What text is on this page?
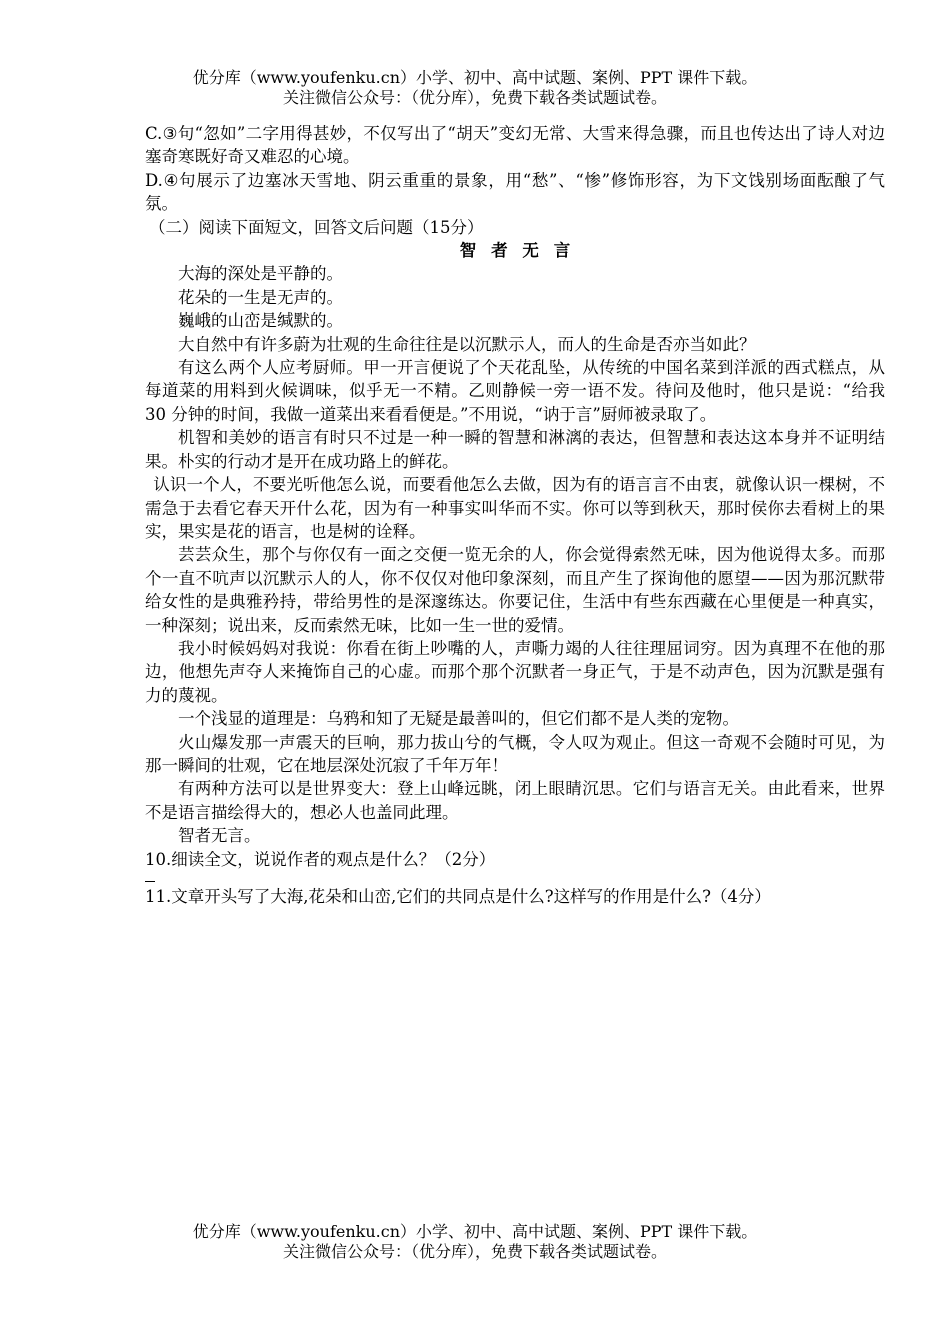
优分库（www.youfenku.cn）小学、初中、高中试题、案例、PPT 课件下载。
关注微信公众号：（优分库），免费下载各类试题试卷。

C.③句“忽如”二字用得甚妙，不仅写出了“胡天”变幻无常、大雪来得急骤，而且也传达出了诗人对边塞奇寒既好奇又难忍的心境。

D.④句展示了边塞冰天雪地、阴云重重的景象，用“愁”、“惨”修饰形容，为下文饯别场面酝酿了气氛。

（二）阅读下面短文，回答文后问题（15分）

智者无言

大海的深处是平静的。

花朵的一生是无声的。

巍峨的山峦是缄默的。

大自然中有许多蔚为壮观的生命往往是以沉默示人，而人的生命是否亦当如此？

有这么两个人应考厨师。甲一开言便说了个天花乱坠，从传统的中国名菜到洋派的西式糕点，从每道菜的用料到火候调味，似乎无一不精。乙则静候一旁一语不发。待问及他时，他只是说：“给我 30 分钟的时间，我做一道菜出来看看便是。”不用说，“讷于言”厨师被录取了。

机智和美妙的语言有时只不过是一种一瞬的智慧和淋漓的表达，但智慧和表达这本身并不证明结果。朴实的行动才是开在成功路上的鲜花。

认识一个人，不要光听他怎么说，而要看他怎么去做，因为有的语言言不由衷，就像认识一棵树，不需急于去看它春天开什么花，因为有一种事实叫华而不实。你可以等到秋天，那时侯你去看树上的果实，果实是花的语言，也是树的诠释。

芸芸众生，那个与你仅有一面之交便一览无余的人，你会觉得索然无味，因为他说得太多。而那个一直不吭声以沉默示人的人，你不仅仅对他印象深刻，而且产生了探询他的愿望——因为那沉默带给女性的是典雅矜持，带给男性的是深邃练达。你要记住，生活中有些东西藏在心里便是一种真实，一种深刻；说出来，反而索然无味，比如一生一世的爱情。

我小时候妈妈对我说：你看在街上吵嘴的人，声嘶力竭的人往往理屈词穷。因为真理不在他的那边，他想先声夺人来掩饰自己的心虚。而那个那个沉默者一身正气，于是不动声色，因为沉默是强有力的蔑视。

一个浅显的道理是：乌鸦和知了无疑是最善叫的，但它们都不是人类的宠物。

火山爆发那一声震天的巨响，那力拔山兮的气概，令人叹为观止。但这一奇观不会随时可见，为那一瞬间的壮观，它在地层深处沉寂了千年万年！

有两种方法可以是世界变大：登上山峰远眺，闭上眼睛沉思。它们与语言无关。由此看来，世界不是语言描绘得大的，想必人也盖同此理。

智者无言。

10.细读全文，说说作者的观点是什么？（2分）

11.文章开头写了大海,花朵和山峦,它们的共同点是什么?这样写的作用是什么?（4分）

优分库（www.youfenku.cn）小学、初中、高中试题、案例、PPT 课件下载。
关注微信公众号：（优分库），免费下载各类试题试卷。
